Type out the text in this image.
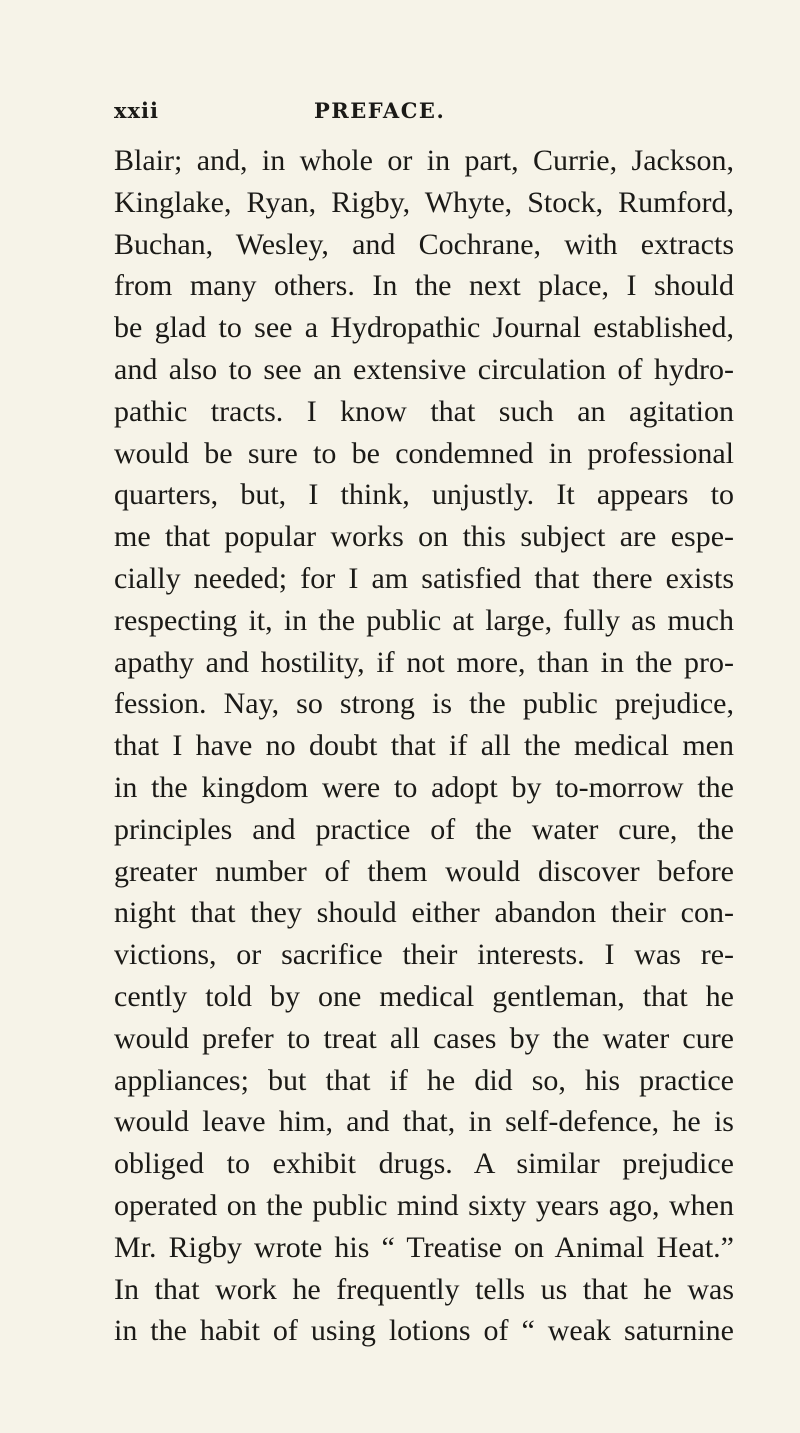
xxii	PREFACE.
Blair; and, in whole or in part, Currie, Jackson,
Kinglake, Ryan, Rigby, Whyte, Stock, Rumford,
Buchan, Wesley, and Cochrane, with extracts
from many others. In the next place, I should
be glad to see a Hydropathic Journal established,
and also to see an extensive circulation of hydro-
pathic tracts. I know that such an agitation
would be sure to be condemned in professional
quarters, but, I think, unjustly. It appears to
me that popular works on this subject are espe-
cially needed; for I am satisfied that there exists
respecting it, in the public at large, fully as much
apathy and hostility, if not more, than in the pro-
fession. Nay, so strong is the public prejudice,
that I have no doubt that if all the medical men
in the kingdom were to adopt by to-morrow the
principles and practice of the water cure, the
greater number of them would discover before
night that they should either abandon their con-
victions, or sacrifice their interests. I was re-
cently told by one medical gentleman, that he
would prefer to treat all cases by the water cure
appliances; but that if he did so, his practice
would leave him, and that, in self-defence, he is
obliged to exhibit drugs. A similar prejudice
operated on the public mind sixty years ago, when
Mr. Rigby wrote his “ Treatise on Animal Heat.”
In that work he frequently tells us that he was
in the habit of using lotions of “ weak saturnine
